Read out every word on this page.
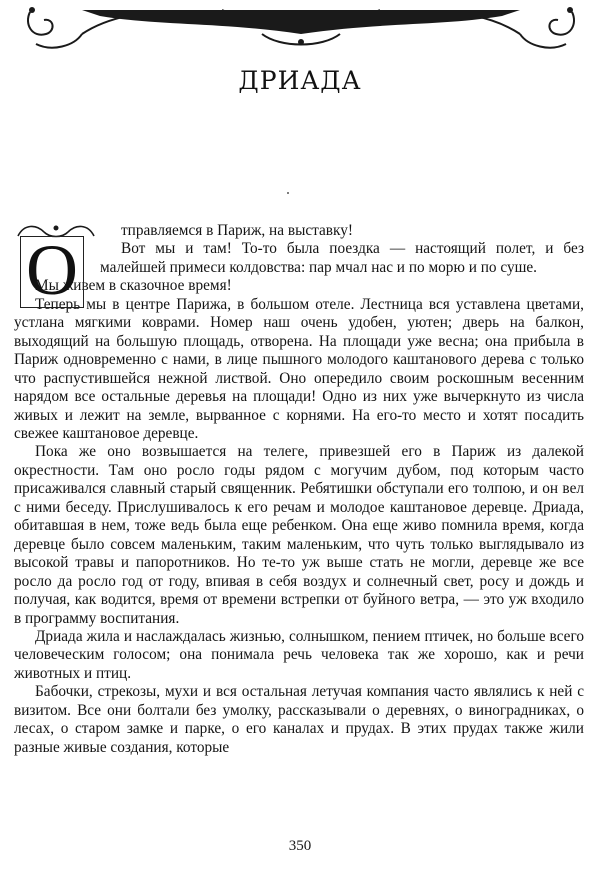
ДРИАДА
О	тправляемся в Париж, на выставку!

Вот мы и там! То-то была поездка — настоящий полет, и без малейшей примеси колдовства: пар мчал нас и по морю и по суше.

Мы живем в сказочное время!

Теперь мы в центре Парижа, в большом отеле. Лестница вся уставлена цветами, устлана мягкими коврами. Номер наш очень удобен, уютен; дверь на балкон, выходящий на большую площадь, отворена. На площади уже весна; она прибыла в Париж одновременно с нами, в лице пышного молодого каштанового дерева с только что распустившейся нежной листвой. Оно опередило своим роскошным весенним нарядом все остальные деревья на площади! Одно из них уже вычеркнуто из числа живых и лежит на земле, вырванное с корнями. На его-то место и хотят посадить свежее каштановое деревце.

Пока же оно возвышается на телеге, привезшей его в Париж из далекой окрестности. Там оно росло годы рядом с могучим дубом, под которым часто присаживался славный старый священник. Ребятишки обступали его толпою, и он вел с ними беседу. Прислушивалось к его речам и молодое каштановое деревце. Дриада, обитавшая в нем, тоже ведь была еще ребенком. Она еще живо помнила время, когда деревце было совсем маленьким, таким маленьким, что чуть только выглядывало из высокой травы и папоротников. Но те-то уж выше стать не могли, деревце же все росло да росло год от году, впивая в себя воздух и солнечный свет, росу и дождь и получая, как водится, время от времени встрепки от буйного ветра, — это уж входило в программу воспитания.

Дриада жила и наслаждалась жизнью, солнышком, пением птичек, но больше всего человеческим голосом; она понимала речь человека так же хорошо, как и речи животных и птиц.

Бабочки, стрекозы, мухи и вся остальная летучая компания часто являлись к ней с визитом. Все они болтали без умолку, рассказывали о деревнях, о виноградниках, о лесах, о старом замке и парке, о его каналах и прудах. В этих прудах также жили разные живые создания, которые

350
